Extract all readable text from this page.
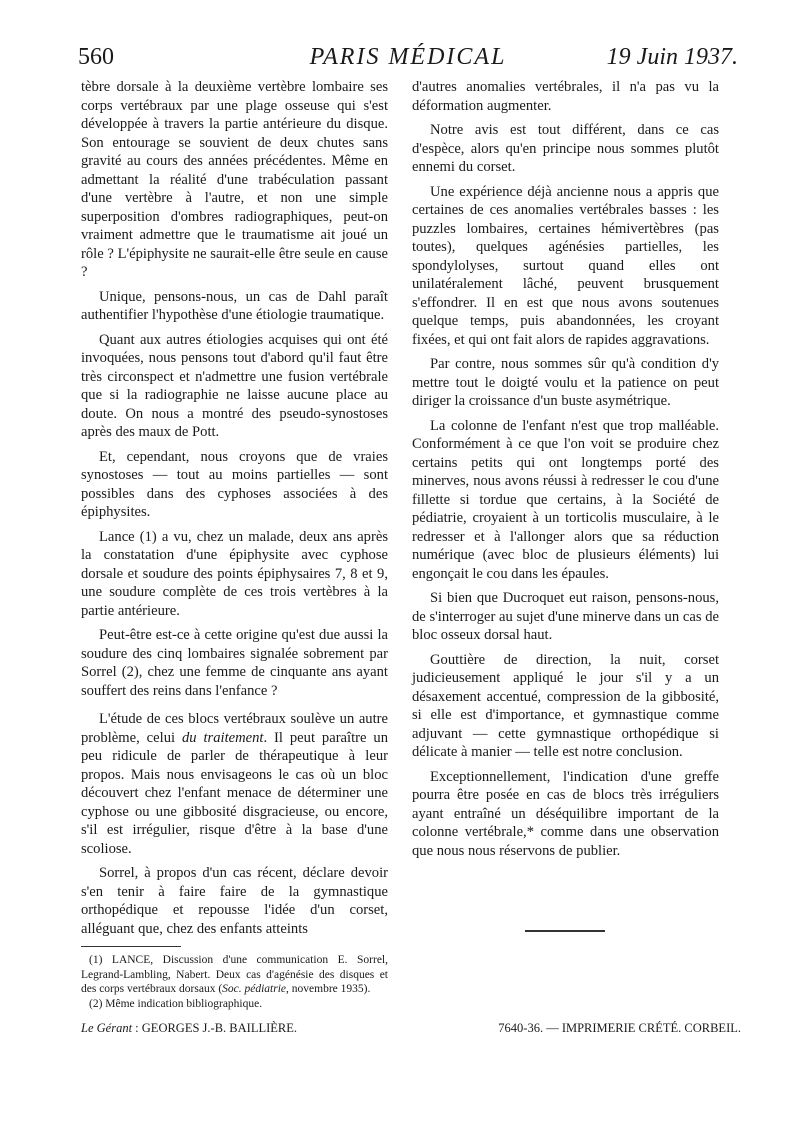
560	PARIS MÉDICAL	19 Juin 1937.

tèbre dorsale à la deuxième vertèbre lombaire ses corps vertébraux par une plage osseuse qui s'est développée à travers la partie antérieure du disque. Son entourage se souvient de deux chutes sans gravité au cours des années précédentes. Même en admettant la réalité d'une trabéculation passant d'une vertèbre à l'autre, et non une simple superposition d'ombres radiographiques, peut-on vraiment admettre que le traumatisme ait joué un rôle ? L'épiphysite ne saurait-elle être seule en cause ?

Unique, pensons-nous, un cas de Dahl paraît authentifier l'hypothèse d'une étiologie traumatique.

Quant aux autres étiologies acquises qui ont été invoquées, nous pensons tout d'abord qu'il faut être très circonspect et n'admettre une fusion vertébrale que si la radiographie ne laisse aucune place au doute. On nous a montré des pseudo-synostoses après des maux de Pott.

Et, cependant, nous croyons que de vraies synostoses — tout au moins partielles — sont possibles dans des cyphoses associées à des épiphysites.

Lance (1) a vu, chez un malade, deux ans après la constatation d'une épiphysite avec cyphose dorsale et soudure des points épiphysaires 7, 8 et 9, une soudure complète de ces trois vertèbres à la partie antérieure.

Peut-être est-ce à cette origine qu'est due aussi la soudure des cinq lombaires signalée sobrement par Sorrel (2), chez une femme de cinquante ans ayant souffert des reins dans l'enfance ?

L'étude de ces blocs vertébraux soulève un autre problème, celui du traitement. Il peut paraître un peu ridicule de parler de thérapeutique à leur propos. Mais nous envisageons le cas où un bloc découvert chez l'enfant menace de déterminer une cyphose ou une gibbosité disgracieuse, ou encore, s'il est irrégulier, risque d'être à la base d'une scoliose.

Sorrel, à propos d'un cas récent, déclare devoir s'en tenir à faire faire de la gymnastique orthopédique et repousse l'idée d'un corset, alléguant que, chez des enfants atteints

(1) LANCE, Discussion d'une communication E. Sorrel, Legrand-Lambling, Nabert. Deux cas d'agénésie des disques et des corps vertébraux dorsaux (Soc. pédiatrie, novembre 1935).

(2) Même indication bibliographique.

d'autres anomalies vertébrales, il n'a pas vu la déformation augmenter.

Notre avis est tout différent, dans ce cas d'espèce, alors qu'en principe nous sommes plutôt ennemi du corset.

Une expérience déjà ancienne nous a appris que certaines de ces anomalies vertébrales basses : les puzzles lombaires, certaines hémivertèbres (pas toutes), quelques agénésies partielles, les spondylolyses, surtout quand elles ont unilatéralement lâché, peuvent brusquement s'effondrer. Il en est que nous avons soutenues quelque temps, puis abandonnées, les croyant fixées, et qui ont fait alors de rapides aggravations.

Par contre, nous sommes sûr qu'à condition d'y mettre tout le doigté voulu et la patience on peut diriger la croissance d'un buste asymétrique.

La colonne de l'enfant n'est que trop malléable. Conformément à ce que l'on voit se produire chez certains petits qui ont longtemps porté des minerves, nous avons réussi à redresser le cou d'une fillette si tordue que certains, à la Société de pédiatrie, croyaient à un torticolis musculaire, à le redresser et à l'allonger alors que sa réduction numérique (avec bloc de plusieurs éléments) lui engonçait le cou dans les épaules.

Si bien que Ducroquet eut raison, pensons-nous, de s'interroger au sujet d'une minerve dans un cas de bloc osseux dorsal haut.

Gouttière de direction, la nuit, corset judicieusement appliqué le jour s'il y a un désaxement accentué, compression de la gibbosité, si elle est d'importance, et gymnastique comme adjuvant — cette gymnastique orthopédique si délicate à manier — telle est notre conclusion.

Exceptionnellement, l'indication d'une greffe pourra être posée en cas de blocs très irréguliers ayant entraîné un déséquilibre important de la colonne vertébrale,* comme dans une observation que nous nous réservons de publier.

Le Gérant : GEORGES J.-B. BAILLIÈRE.	7640-36. — IMPRIMERIE CRÉTÉ. CORBEIL.
